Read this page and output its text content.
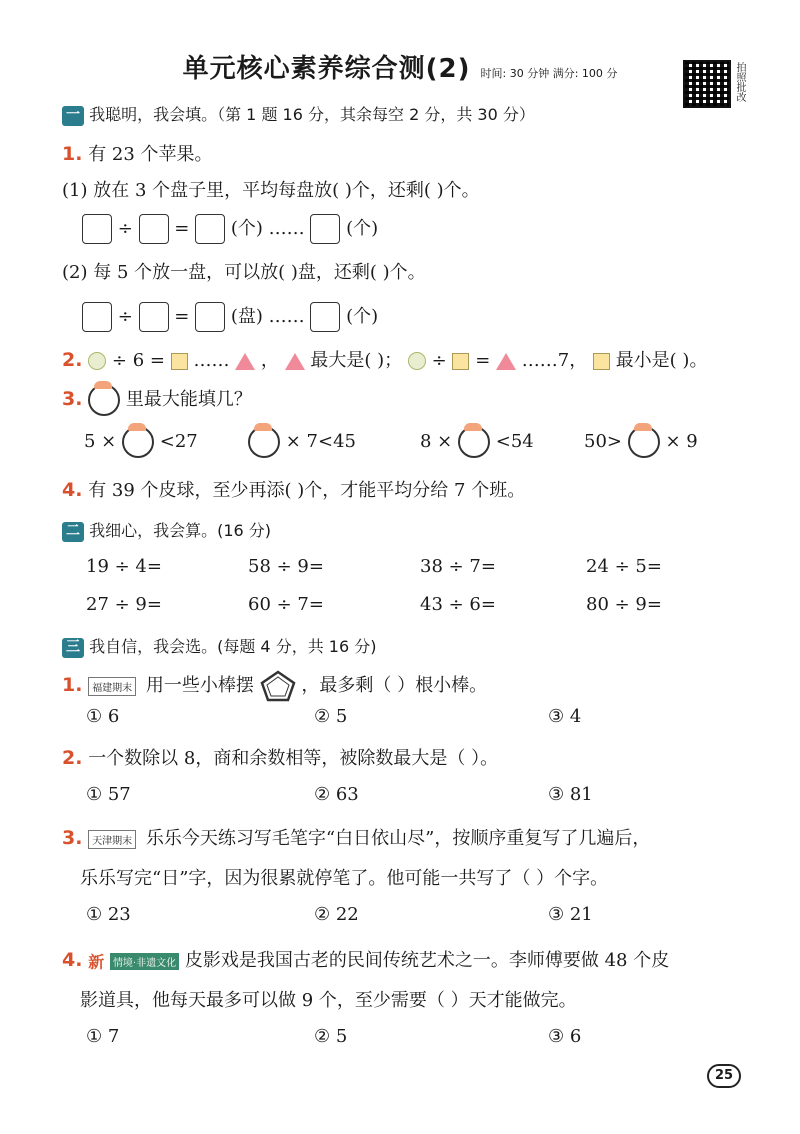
单元核心素养综合测(2) 时间: 30 分钟 满分: 100 分	拍照批改
一 我聪明，我会填。（第 1 题 16 分，其余每空 2 分，共 30 分）
1. 有 23 个苹果。
(1) 放在 3 个盘子里，平均每盘放( )个，还剩( )个。
÷ = (个) …… (个)
(2) 每 5 个放一盘，可以放( )盘，还剩( )个。
÷ = (盘) …… (个)
2. ÷ 6 = …… ， 最大是( )； ÷ = ……7， 最小是( )。
3. 里最大能填几？
5 × <27	× 7<45	8 × <54	50> × 9
4. 有 39 个皮球，至少再添( )个，才能平均分给 7 个班。
二 我细心，我会算。(16 分)
19 ÷ 4=	58 ÷ 9=	38 ÷ 7=	24 ÷ 5=
27 ÷ 9=	60 ÷ 7=	43 ÷ 6=	80 ÷ 9=
三 我自信，我会选。(每题 4 分，共 16 分)
1. 福建期末 用一些小棒摆	，最多剩（ ）根小棒。
① 6	② 5	③ 4
2. 一个数除以 8，商和余数相等，被除数最大是（ ）。
① 57	② 63	③ 81
3. 天津期末 乐乐今天练习写毛笔字“白日依山尽”，按顺序重复写了几遍后，
乐乐写完“日”字，因为很累就停笔了。他可能一共写了（ ）个字。
① 23	② 22	③ 21
4. 新 情境·非遗文化 皮影戏是我国古老的民间传统艺术之一。李师傅要做 48 个皮
影道具，他每天最多可以做 9 个，至少需要（ ）天才能做完。
① 7	② 5	③ 6
25
